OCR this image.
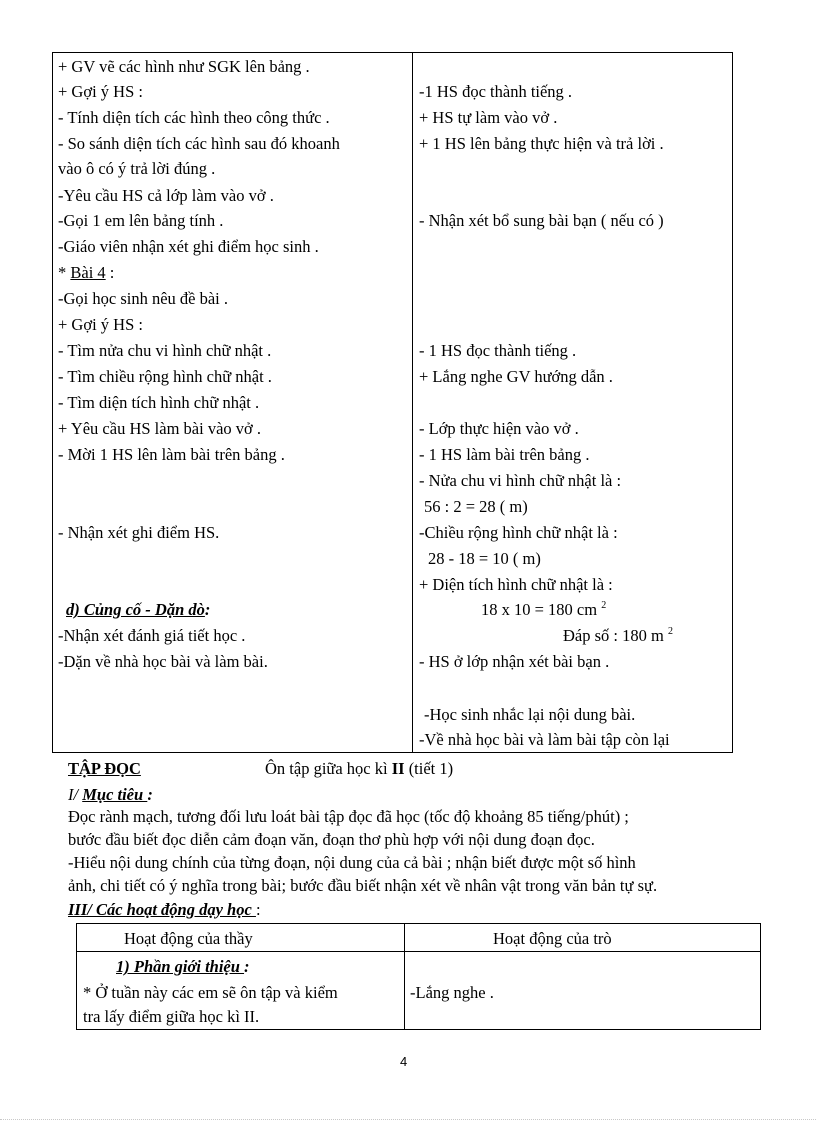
+ GV vẽ các hình như SGK lên bảng .
+ Gợi ý HS :
- Tính diện tích các hình theo công thức .
- So sánh diện tích các hình sau đó khoanh
vào ô có ý trả lời đúng .
-Yêu cầu HS cả lớp làm vào vở .
-Gọi 1 em lên bảng tính .
-Giáo viên nhận xét ghi điểm học sinh .
* Bài 4 :
-Gọi học sinh nêu đề bài .
+ Gợi ý HS :
- Tìm nửa chu vi hình chữ nhật .
- Tìm chiều rộng hình chữ nhật .
- Tìm diện tích hình chữ nhật .
+ Yêu cầu HS làm bài vào vở .
- Mời 1 HS lên làm bài trên bảng .
- Nhận xét ghi điểm HS.
d) Củng cố - Dặn dò:
-Nhận xét đánh giá tiết học .
-Dặn về nhà học bài và làm bài.
-1 HS đọc thành tiếng .
+ HS tự làm vào vở .
+ 1 HS lên bảng thực hiện và trả lời .
- Nhận xét bổ sung bài bạn ( nếu có )
- 1 HS đọc thành tiếng .
+ Lắng nghe GV hướng dẫn .
- Lớp thực hiện vào vở .
- 1 HS làm bài trên bảng .
- Nửa chu vi hình chữ nhật là :
56 : 2 = 28 ( m)
-Chiều rộng hình chữ nhật là :
28 - 18 = 10 ( m)
+ Diện tích hình chữ nhật là :
18 x 10 = 180 cm $^2$
Đáp số : 180 m $^2$
- HS ở lớp nhận xét bài bạn .
-Học sinh nhắc lại nội dung bài.
-Về nhà học bài và làm bài tập còn lại
TẬP ĐỌC	Ôn tập giữa học kì II (tiết 1)
I/ Mục tiêu :
Đọc rành mạch, tương đối lưu loát bài tập đọc đã học (tốc độ khoảng 85 tiếng/phút) ;
bước đầu biết đọc diễn cảm đoạn văn, đoạn thơ phù hợp với nội dung đoạn đọc.
-Hiểu nội dung chính của từng đoạn, nội dung của cả bài ; nhận biết được một số hình
ảnh, chi tiết có ý nghĩa trong bài; bước đầu biết nhận xét về nhân vật trong văn bản tự sự.
III/ Các hoạt động dạy học :
Hoạt động của thầy	Hoạt động của trò
1) Phần giới thiệu :
* Ở tuần này các em sẽ ôn tập và kiểm
tra lấy điểm giữa học kì II.
-Lắng nghe .
4
